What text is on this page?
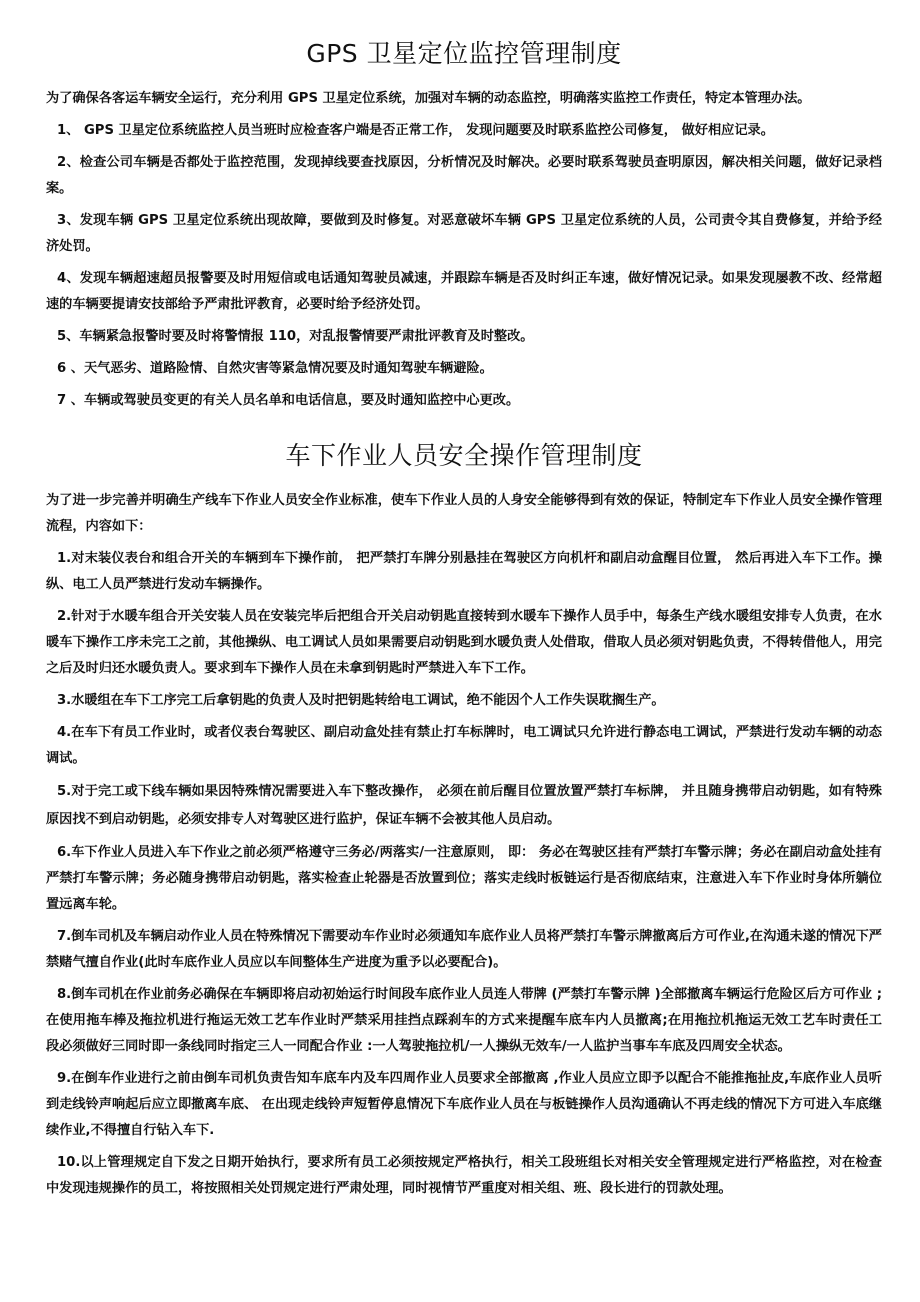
GPS 卫星定位监控管理制度

为了确保各客运车辆安全运行，充分利用 GPS 卫星定位系统，加强对车辆的动态监控，明确落实监控工作责任，特定本管理办法。

1、 GPS 卫星定位系统监控人员当班时应检查客户端是否正常工作， 发现问题要及时联系监控公司修复， 做好相应记录。

2、检查公司车辆是否都处于监控范围，发现掉线要查找原因，分析情况及时解决。必要时联系驾驶员查明原因，解决相关问题，做好记录档案。

3、发现车辆 GPS 卫星定位系统出现故障，要做到及时修复。对恶意破坏车辆 GPS 卫星定位系统的人员，公司责令其自费修复，并给予经济处罚。

4、发现车辆超速超员报警要及时用短信或电话通知驾驶员减速，并跟踪车辆是否及时纠正车速，做好情况记录。如果发现屡教不改、经常超速的车辆要提请安技部给予严肃批评教育，必要时给予经济处罚。

5、车辆紧急报警时要及时将警情报 110，对乱报警情要严肃批评教育及时整改。

6 、天气恶劣、道路险情、自然灾害等紧急情况要及时通知驾驶车辆避险。

7 、车辆或驾驶员变更的有关人员名单和电话信息，要及时通知监控中心更改。

车下作业人员安全操作管理制度

为了进一步完善并明确生产线车下作业人员安全作业标准，使车下作业人员的人身安全能够得到有效的保证，特制定车下作业人员安全操作管理流程，内容如下：

1.对末装仪表台和组合开关的车辆到车下操作前， 把严禁打车牌分别悬挂在驾驶区方向机杆和副启动盒醒目位置， 然后再进入车下工作。操纵、电工人员严禁进行发动车辆操作。

2.针对于水暖车组合开关安装人员在安装完毕后把组合开关启动钥匙直接转到水暖车下操作人员手中，每条生产线水暖组安排专人负责，在水暖车下操作工序未完工之前，其他操纵、电工调试人员如果需要启动钥匙到水暖负责人处借取，借取人员必须对钥匙负责，不得转借他人，用完之后及时归还水暖负责人。要求到车下操作人员在未拿到钥匙时严禁进入车下工作。

3.水暖组在车下工序完工后拿钥匙的负责人及时把钥匙转给电工调试，绝不能因个人工作失误耽搁生产。

4.在车下有员工作业时，或者仪表台驾驶区、副启动盒处挂有禁止打车标牌时，电工调试只允许进行静态电工调试，严禁进行发动车辆的动态调试。

5.对于完工或下线车辆如果因特殊情况需要进入车下整改操作， 必须在前后醒目位置放置严禁打车标牌， 并且随身携带启动钥匙，如有特殊原因找不到启动钥匙，必须安排专人对驾驶区进行监护，保证车辆不会被其他人员启动。

6.车下作业人员进入车下作业之前必须严格遵守三务必/两落实/一注意原则， 即： 务必在驾驶区挂有严禁打车警示牌；务必在副启动盒处挂有严禁打车警示牌；务必随身携带启动钥匙，落实检查止轮器是否放置到位；落实走线时板链运行是否彻底结束，注意进入车下作业时身体所躺位置远离车轮。

7.倒车司机及车辆启动作业人员在特殊情况下需要动车作业时必须通知车底作业人员将严禁打车警示牌撤离后方可作业,在沟通未遂的情况下严禁赌气擅自作业(此时车底作业人员应以车间整体生产进度为重予以必要配合)。

8.倒车司机在作业前务必确保在车辆即将启动初始运行时间段车底作业人员连人带牌 (严禁打车警示牌 )全部撤离车辆运行危险区后方可作业 ;在使用拖车棒及拖拉机进行拖运无效工艺车作业时严禁采用挂挡点踩刹车的方式来提醒车底车内人员撤离;在用拖拉机拖运无效工艺车时责任工段必须做好三同时即一条线同时指定三人一同配合作业 :一人驾驶拖拉机/一人操纵无效车/一人监护当事车车底及四周安全状态。

9.在倒车作业进行之前由倒车司机负责告知车底车内及车四周作业人员要求全部撤离 ,作业人员应立即予以配合不能推拖扯皮,车底作业人员听到走线铃声响起后应立即撤离车底、 在出现走线铃声短暂停息情况下车底作业人员在与板链操作人员沟通确认不再走线的情况下方可进入车底继续作业,不得擅自行钻入车下.

10.以上管理规定自下发之日期开始执行，要求所有员工必须按规定严格执行，相关工段班组长对相关安全管理规定进行严格监控，对在检查中发现违规操作的员工，将按照相关处罚规定进行严肃处理，同时视情节严重度对相关组、班、段长进行的罚款处理。
